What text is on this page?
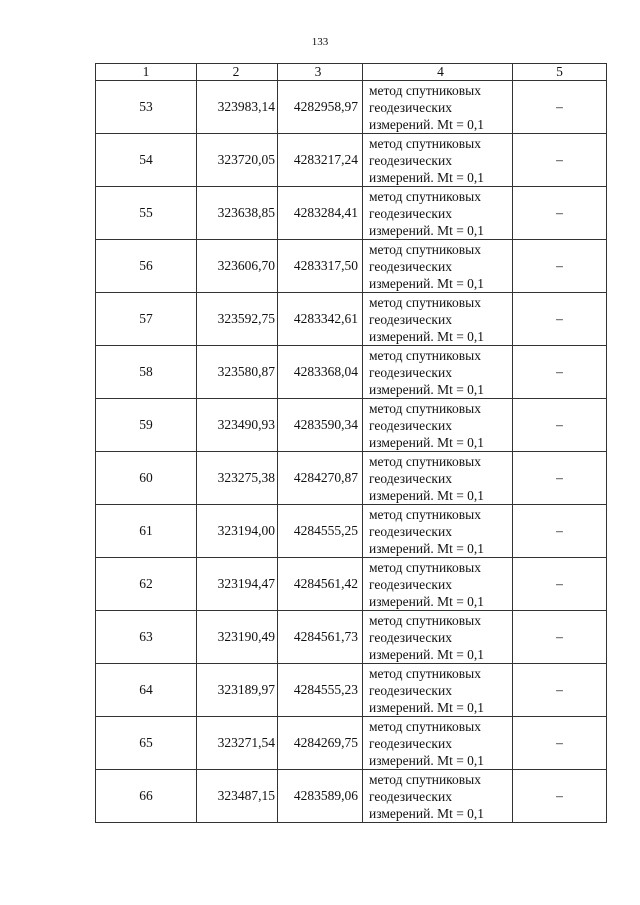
133
1	2	3	4	5
53	323983,14	4282958,97	метод спутниковых
геодезических
измерений. Mt = 0,1	–
54	323720,05	4283217,24	метод спутниковых
геодезических
измерений. Mt = 0,1	–
55	323638,85	4283284,41	метод спутниковых
геодезических
измерений. Mt = 0,1	–
56	323606,70	4283317,50	метод спутниковых
геодезических
измерений. Mt = 0,1	–
57	323592,75	4283342,61	метод спутниковых
геодезических
измерений. Mt = 0,1	–
58	323580,87	4283368,04	метод спутниковых
геодезических
измерений. Mt = 0,1	–
59	323490,93	4283590,34	метод спутниковых
геодезических
измерений. Mt = 0,1	–
60	323275,38	4284270,87	метод спутниковых
геодезических
измерений. Mt = 0,1	–
61	323194,00	4284555,25	метод спутниковых
геодезических
измерений. Mt = 0,1	–
62	323194,47	4284561,42	метод спутниковых
геодезических
измерений. Mt = 0,1	–
63	323190,49	4284561,73	метод спутниковых
геодезических
измерений. Mt = 0,1	–
64	323189,97	4284555,23	метод спутниковых
геодезических
измерений. Mt = 0,1	–
65	323271,54	4284269,75	метод спутниковых
геодезических
измерений. Mt = 0,1	–
66	323487,15	4283589,06	метод спутниковых
геодезических
измерений. Mt = 0,1	–
